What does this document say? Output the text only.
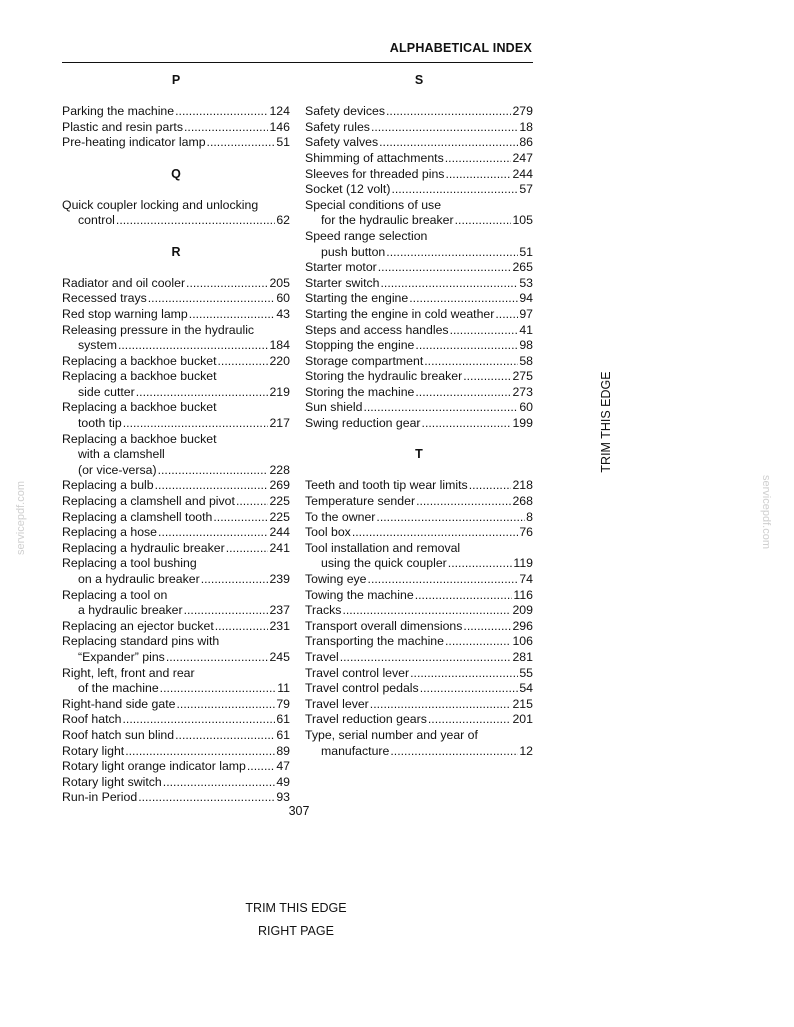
ALPHABETICAL INDEX
P
Parking the machine .....	124
Plastic and resin parts .....	146
Pre-heating indicator lamp .....	51
Q
Quick coupler locking and unlocking
control .....	62
R
Radiator and oil cooler .....	205
Recessed trays .....	60
Red stop warning lamp .....	43
Releasing pressure in the hydraulic
system .....	184
Replacing a backhoe bucket .....	220
Replacing a backhoe bucket
side cutter .....	219
Replacing a backhoe bucket
tooth tip .....	217
Replacing a backhoe bucket
with a clamshell
(or vice-versa) .....	228
Replacing a bulb .....	269
Replacing a clamshell and pivot .....	225
Replacing a clamshell tooth .....	225
Replacing a hose .....	244
Replacing a hydraulic breaker .....	241
Replacing a tool bushing
on a hydraulic breaker .....	239
Replacing a tool on
a hydraulic breaker .....	237
Replacing an ejector bucket .....	231
Replacing standard pins with
“Expander” pins .....	245
Right, left, front and rear
of the machine .....	11
Right-hand side gate .....	79
Roof hatch .....	61
Roof hatch sun blind .....	61
Rotary light .....	89
Rotary light orange indicator lamp ..... 47
Rotary light switch .....	49
Run-in Period .....	93
S
Safety devices .....	279
Safety rules .....	18
Safety valves .....	86
Shimming of attachments .....	247
Sleeves for threaded pins .....	244
Socket (12 volt) .....	57
Special conditions of use
for the hydraulic breaker .....	105
Speed range selection
push button .....	51
Starter motor .....	265
Starter switch .....	53
Starting the engine .....	94
Starting the engine in cold weather ..... 97
Steps and access handles .....	41
Stopping the engine .....	98
Storage compartment .....	58
Storing the hydraulic breaker .....	275
Storing the machine .....	273
Sun shield .....	60
Swing reduction gear .....	199
T
Teeth and tooth tip wear limits .....	218
Temperature sender .....	268
To the owner .....	8
Tool box .....	76
Tool installation and removal
using the quick coupler .....	119
Towing eye .....	74
Towing the machine .....	116
Tracks .....	209
Transport overall dimensions .....	296
Transporting the machine .....	106
Travel .....	281
Travel control lever .....	55
Travel control pedals .....	54
Travel lever .....	215
Travel reduction gears .....	201
Type, serial number and year of
manufacture .....	12
TRIM THIS EDGE
servicepdf.com	servicepdf.com
307
TRIM THIS EDGE
RIGHT PAGE
